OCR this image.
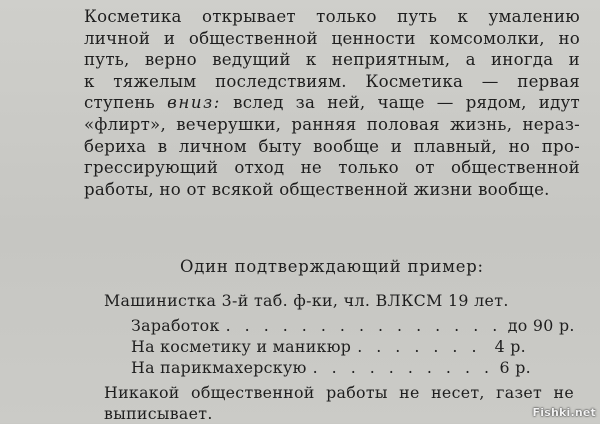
Косметика открывает только путь к умалению
личной и общественной ценности комсомолки, но
путь, верно ведущий к неприятным, а иногда и
к тяжелым последствиям. Косметика — первая
ступень вниз: вслед за ней, чаще — рядом, идут
«флирт», вечерушки, ранняя половая жизнь, нераз-
бериха в личном быту вообще и плавный, но про-
грессирующий отход не только от общественной
работы, но от всякой общественной жизни вообще.
Один подтверждающий пример:
Машинистка 3-й таб. ф-ки, чл. ВЛКСМ 19 лет.
Заработок . . . . . . . . . . . . . . . до 90 р.
На косметику и маникюр . . . . . . . 4 р.
На парикмахерскую . . . . . . . . . . 6 р.
Никакой общественной работы не несет, газет не
выписывает.	Fishki.net
